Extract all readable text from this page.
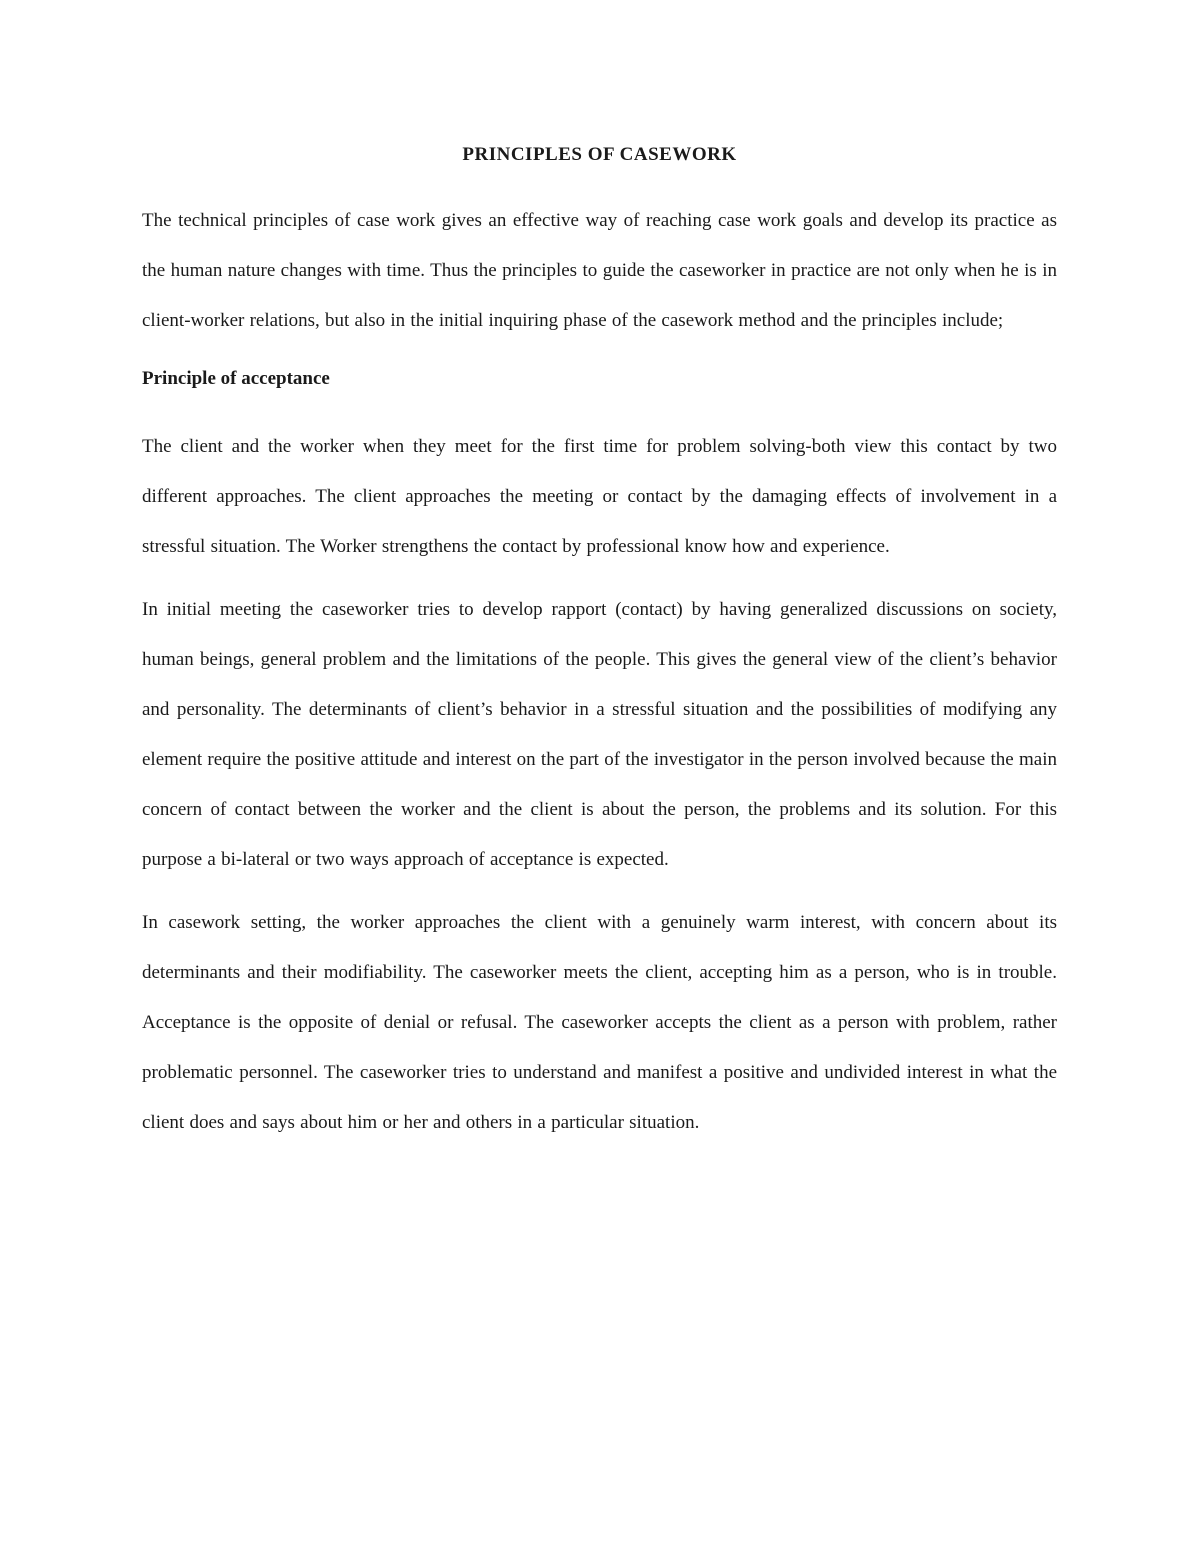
PRINCIPLES OF CASEWORK

The technical principles of case work gives an effective way of reaching case work goals and develop its practice as the human nature changes with time. Thus the principles to guide the caseworker in practice are not only when he is in client-worker relations, but also in the initial inquiring phase of the casework method and the principles include;

Principle of acceptance

The client and the worker when they meet for the first time for problem solving-both view this contact by two different approaches. The client approaches the meeting or contact by the damaging effects of involvement in a stressful situation. The Worker strengthens the contact by professional know how and experience.

In initial meeting the caseworker tries to develop rapport (contact) by having generalized discussions on society, human beings, general problem and the limitations of the people. This gives the general view of the client’s behavior and personality. The determinants of client’s behavior in a stressful situation and the possibilities of modifying any element require the positive attitude and interest on the part of the investigator in the person involved because the main concern of contact between the worker and the client is about the person, the problems and its solution. For this purpose a bi-lateral or two ways approach of acceptance is expected.

In casework setting, the worker approaches the client with a genuinely warm interest, with concern about its determinants and their modifiability. The caseworker meets the client, accepting him as a person, who is in trouble. Acceptance is the opposite of denial or refusal. The caseworker accepts the client as a person with problem, rather problematic personnel. The caseworker tries to understand and manifest a positive and undivided interest in what the client does and says about him or her and others in a particular situation.
